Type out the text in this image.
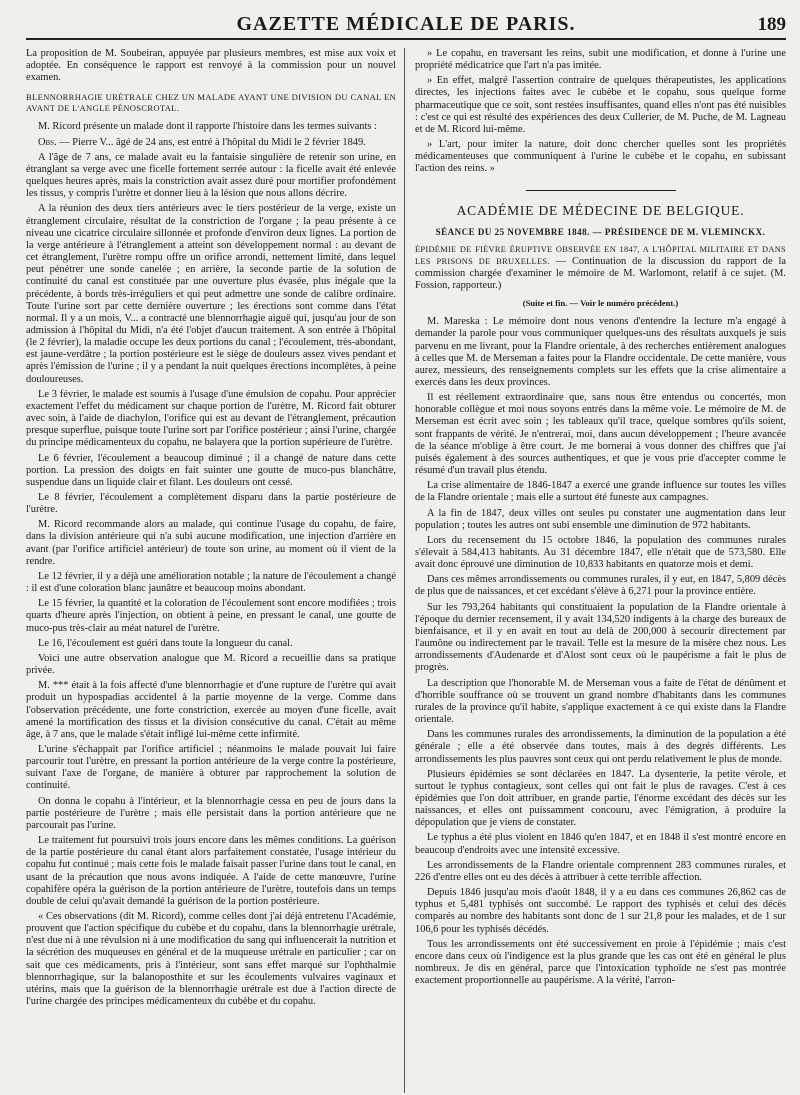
GAZETTE MÉDICALE DE PARIS.	189

La proposition de M. Soubeiran, appuyée par plusieurs membres, est mise aux voix et adoptée. En conséquence le rapport est renvoyé à la commission pour un nouvel examen.

BLENNORRHAGIE URÉTRALE CHEZ UN MALADE AYANT UNE DIVISION DU CANAL EN AVANT DE L'ANGLE PÉNOSCROTAL.

M. Ricord présente un malade dont il rapporte l'histoire dans les termes suivants :

Obs. — Pierre V... âgé de 24 ans, est entré à l'hôpital du Midi le 2 février 1849.

A l'âge de 7 ans, ce malade avait eu la fantaisie singulière de retenir son urine, en étranglant sa verge avec une ficelle fortement serrée autour : la ficelle avait été enlevée quelques heures après, mais la constriction avait assez duré pour mortifier profondément les tissus, y compris l'urètre et donner lieu à la lésion que nous allons décrire.

A la réunion des deux tiers antérieurs avec le tiers postérieur de la verge, existe un étranglement circulaire, résultat de la constriction de l'organe ; la peau présente à ce niveau une cicatrice circulaire sillonnée et profonde d'environ deux lignes. La portion de la verge antérieure à l'étranglement a atteint son développement normal : au devant de cet étranglement, l'urètre rompu offre un orifice arrondi, nettement limité, dans lequel peut pénétrer une sonde canelée ; en arrière, la seconde partie de la solution de continuité du canal est constituée par une ouverture plus évasée, plus inégale que la précédente, à bords très-irréguliers et qui peut admettre une sonde de calibre ordinaire. Toute l'urine sort par cette dernière ouverture ; les érections sont comme dans l'état normal. Il y a un mois, V... a contracté une blennorrhagie aiguë qui, jusqu'au jour de son admission à l'hôpital du Midi, n'a été l'objet d'aucun traitement. A son entrée à l'hôpital (le 2 février), la maladie occupe les deux portions du canal ; l'écoulement, très-abondant, est jaune-verdâtre ; la portion postérieure est le siège de douleurs assez vives pendant et après l'émission de l'urine ; il y a pendant la nuit quelques érections incomplètes, à peine douloureuses.

Le 3 février, le malade est soumis à l'usage d'une émulsion de copahu. Pour apprécier exactement l'effet du médicament sur chaque portion de l'urètre, M. Ricord fait obturer avec soin, à l'aide de diachylon, l'orifice qui est au devant de l'étranglement, précaution presque superflue, puisque toute l'urine sort par l'orifice postérieur ; ainsi l'urine, chargée du principe médicamenteux du copahu, ne balayera que la portion supérieure de l'urètre.

Le 6 février, l'écoulement a beaucoup diminué ; il a changé de nature dans cette portion. La pression des doigts en fait suinter une goutte de muco-pus blanchâtre, suspendue dans un liquide clair et filant. Les douleurs ont cessé.

Le 8 février, l'écoulement a complètement disparu dans la partie postérieure de l'urètre.

M. Ricord recommande alors au malade, qui continue l'usage du copahu, de faire, dans la division antérieure qui n'a subi aucune modification, une injection d'arrière en avant (par l'orifice artificiel antérieur) de toute son urine, au moment où il vient de la rendre.

Le 12 février, il y a déjà une amélioration notable ; la nature de l'écoulement a changé : il est d'une coloration blanc jaunâtre et beaucoup moins abondant.

Le 15 février, la quantité et la coloration de l'écoulement sont encore modifiées ; trois quarts d'heure après l'injection, on obtient à peine, en pressant le canal, une goutte de muco-pus très-clair au méat naturel de l'urètre.

Le 16, l'écoulement est guéri dans toute la longueur du canal.

Voici une autre observation analogue que M. Ricord a recueillie dans sa pratique privée.

M. *** était à la fois affecté d'une blennorrhagie et d'une rupture de l'urètre qui avait produit un hypospadias accidentel à la partie moyenne de la verge. Comme dans l'observation précédente, une forte constriction, exercée au moyen d'une ficelle, avait amené la mortification des tissus et la division consécutive du canal. C'était au même âge, à 7 ans, que le malade s'était infligé lui-même cette infirmité.

L'urine s'échappait par l'orifice artificiel ; néanmoins le malade pouvait lui faire parcourir tout l'urètre, en pressant la portion antérieure de la verge contre la postérieure, suivant l'axe de l'organe, de manière à obturer par rapprochement la solution de continuité.

On donna le copahu à l'intérieur, et la blennorrhagie cessa en peu de jours dans la partie postérieure de l'urètre ; mais elle persistait dans la portion antérieure que ne parcourait pas l'urine.

Le traitement fut poursuivi trois jours encore dans les mêmes conditions. La guérison de la partie postérieure du canal étant alors parfaitement constatée, l'usage intérieur du copahu fut continué ; mais cette fois le malade faisait passer l'urine dans tout le canal, en usant de la précaution que nous avons indiquée. A l'aide de cette manœuvre, l'urine copahifère opéra la guérison de la portion antérieure de l'urètre, toutefois dans un temps double de celui qu'avait demandé la guérison de la portion postérieure.

« Ces observations (dit M. Ricord), comme celles dont j'ai déjà entretenu l'Académie, prouvent que l'action spécifique du cubèbe et du copahu, dans la blennorrhagie urétrale, n'est due ni à une révulsion ni à une modification du sang qui influencerait la nutrition et la sécrétion des muqueuses en général et de la muqueuse urétrale en particulier ; car on sait que ces médicaments, pris à l'intérieur, sont sans effet marqué sur l'ophthalmie blennorrhagique, sur la balanoposthite et sur les écoulements vulvaires vaginaux et utérins, mais que la guérison de la blennorrhagie urétrale est due à l'action directe de l'urine chargée des principes médicamenteux du cubèbe et du copahu.

» Le copahu, en traversant les reins, subit une modification, et donne à l'urine une propriété médicatrice que l'art n'a pas imitée.

» En effet, malgré l'assertion contraire de quelques thérapeutistes, les applications directes, les injections faites avec le cubèbe et le copahu, sous quelque forme pharmaceutique que ce soit, sont restées insuffisantes, quand elles n'ont pas été nuisibles : c'est ce qui est résulté des expériences des deux Cullerier, de M. Puche, de M. Lagneau et de M. Ricord lui-même.

» L'art, pour imiter la nature, doit donc chercher quelles sont les propriétés médicamenteuses que communiquent à l'urine le cubèbe et le copahu, en subissant l'action des reins. »

ACADÉMIE DE MÉDECINE DE BELGIQUE.
SÉANCE DU 25 NOVEMBRE 1848. — PRÉSIDENCE DE M. VLEMINCKX.
ÉPIDÉMIE DE FIÈVRE ÉRUPTIVE OBSERVÉE EN 1847, A L'HÔPITAL MILITAIRE ET DANS LES PRISONS DE BRUXELLES. — Continuation de la discussion du rapport de la commission chargée d'examiner le mémoire de M. Warlomont, relatif à ce sujet. (M. Fossion, rapporteur.)
(Suite et fin. — Voir le numéro précédent.)

M. Mareska : Le mémoire dont nous venons d'entendre la lecture m'a engagé à demander la parole pour vous communiquer quelques-uns des résultats auxquels je suis parvenu en me livrant, pour la Flandre orientale, à des recherches entièrement analogues à celles que M. de Merseman a faites pour la Flandre occidentale. De cette manière, vous aurez, messieurs, des renseignements complets sur les effets que la crise alimentaire a exercés dans les deux provinces.

Il est réellement extraordinaire que, sans nous être entendus ou concertés, mon honorable collègue et moi nous soyons entrés dans la même voie. Le mémoire de M. de Merseman est écrit avec soin ; les tableaux qu'il trace, quelque sombres qu'ils soient, sont frappants de vérité. Je n'entrerai, moi, dans aucun développement ; l'heure avancée de la séance m'oblige à être court. Je me bornerai à vous donner des chiffres que j'ai puisés également à des sources authentiques, et que je vous prie d'accepter comme le résumé d'un travail plus étendu.

La crise alimentaire de 1846-1847 a exercé une grande influence sur toutes les villes de la Flandre orientale ; mais elle a surtout été funeste aux campagnes.

A la fin de 1847, deux villes ont seules pu constater une augmentation dans leur population ; toutes les autres ont subi ensemble une diminution de 972 habitants.

Lors du recensement du 15 octobre 1846, la population des communes rurales s'élevait à 584,413 habitants. Au 31 décembre 1847, elle n'était que de 573,580. Elle avait donc éprouvé une diminution de 10,833 habitants en quatorze mois et demi.

Dans ces mêmes arrondissements ou communes rurales, il y eut, en 1847, 5,809 décès de plus que de naissances, et cet excédant s'élève à 6,271 pour la province entière.

Sur les 793,264 habitants qui constituaient la population de la Flandre orientale à l'époque du dernier recensement, il y avait 134,520 indigents à la charge des bureaux de bienfaisance, et il y en avait en tout au delà de 200,000 à secourir directement par l'aumône ou indirectement par le travail. Telle est la mesure de la misère chez nous. Les arrondissements d'Audenarde et d'Alost sont ceux où le paupérisme a fait le plus de progrès.

La description que l'honorable M. de Merseman vous a faite de l'état de dénûment et d'horrible souffrance où se trouvent un grand nombre d'habitants dans les communes rurales de la province qu'il habite, s'applique exactement à ce qui existe dans la Flandre orientale.

Dans les communes rurales des arrondissements, la diminution de la population a été générale ; elle a été observée dans toutes, mais à des degrés différents. Les arrondissements les plus pauvres sont ceux qui ont perdu relativement le plus de monde.

Plusieurs épidémies se sont déclarées en 1847. La dysenterie, la petite vérole, et surtout le typhus contagieux, sont celles qui ont fait le plus de ravages. C'est à ces épidémies que l'on doit attribuer, en grande partie, l'énorme excédant des décès sur les naissances, et elles ont puissamment concouru, avec l'émigration, à produire la dépopulation que je viens de constater.

Le typhus a été plus violent en 1846 qu'en 1847, et en 1848 il s'est montré encore en beaucoup d'endroits avec une intensité excessive.

Les arrondissements de la Flandre orientale comprennent 283 communes rurales, et 226 d'entre elles ont eu des décès à attribuer à cette terrible affection.

Depuis 1846 jusqu'au mois d'août 1848, il y a eu dans ces communes 26,862 cas de typhus et 5,481 typhisés ont succombé. Le rapport des typhisés et celui des décès comparés au nombre des habitants sont donc de 1 sur 21,8 pour les malades, et de 1 sur 106,6 pour les typhisés décédés.

Tous les arrondissements ont été successivement en proie à l'épidémie ; mais c'est encore dans ceux où l'indigence est la plus grande que les cas ont été en général le plus nombreux. Je dis en général, parce que l'intoxication typhoïde ne s'est pas montrée exactement proportionnelle au paupérisme. A la vérité, l'arron-
